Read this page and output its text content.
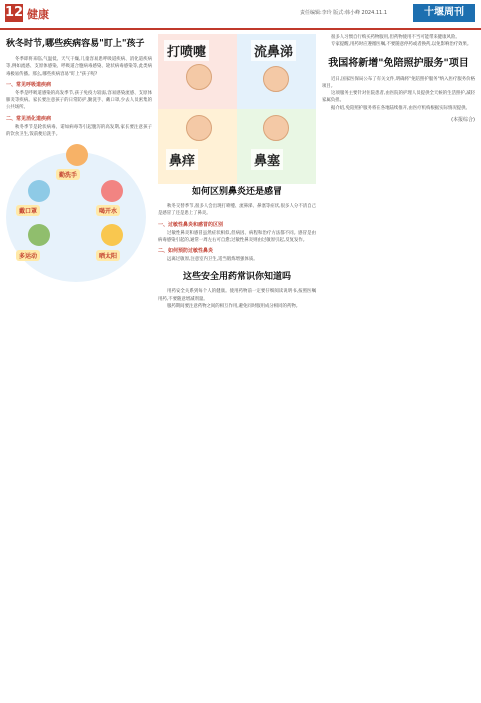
12 健康	责任编辑:李玲 版式:韩小峰 2024.11.1	十堰周刊
秋冬时节,哪些疾病容易"盯上"孩子

冬季即将来临,气温低、天气干燥,儿童容易患呼吸道疾病、消化道疾病等,例如流感、支原体感染、呼吸道合胞病毒感染、轮状病毒感染等,此类病毒极易传播。那么,哪些疾病容易"盯上"孩子呢?

一、常见呼吸道疾病

冬季是呼吸道感染的高发季节,孩子免疫力较弱,容易感染流感、支原体肺炎等疾病。家长要注意孩子的日常防护,勤洗手、戴口罩,少去人员密集的公共场所。

二、常见消化道疾病

秋冬季节是轮状病毒、诺如病毒等引起腹泻的高发期,家长要注意孩子的饮食卫生,饭前便后洗手。

勤洗手
戴口罩	喝开水
多运动	晒太阳
打喷嚏	流鼻涕
鼻痒	鼻塞
如何区别鼻炎还是感冒

秋冬交替季节,很多人会出现打喷嚏、流鼻涕、鼻塞等症状,很多人分不清自己是感冒了还是患上了鼻炎。

一、过敏性鼻炎和感冒的区别

过敏性鼻炎和感冒虽然症状相似,但病因、病程和治疗方法都不同。感冒是由病毒感染引起的,通常一周左右可自愈;过敏性鼻炎则由过敏原引起,反复发作。

二、如何预防过敏性鼻炎

远离过敏原,注意室内卫生,适当锻炼增强体质。

这些安全用药常识你知道吗

用药安全关系到每个人的健康。使用药物前一定要仔细阅读说明书,按照医嘱用药,不要随意增减剂量。

服药期间要注意药物之间的相互作用,避免同时服用成分相同的药物。

很多人习惯自行购买药物服用,但药物使用不当可能带来健康风险。

专家提醒,用药时应遵循医嘱,不要随意停药或者换药,以免影响治疗效果。

我国将新增"免陪照护服务"项目

近日,国家医保局公布了有关文件,明确将"免陪照护服务"纳入医疗服务价格项目。

这项服务主要针对住院患者,由医院的护理人员提供全天候的生活照护,减轻家属负担。

据介绍,免陪照护服务将在各地陆续推开,由医疗机构根据实际情况提供。

(本报综合)
